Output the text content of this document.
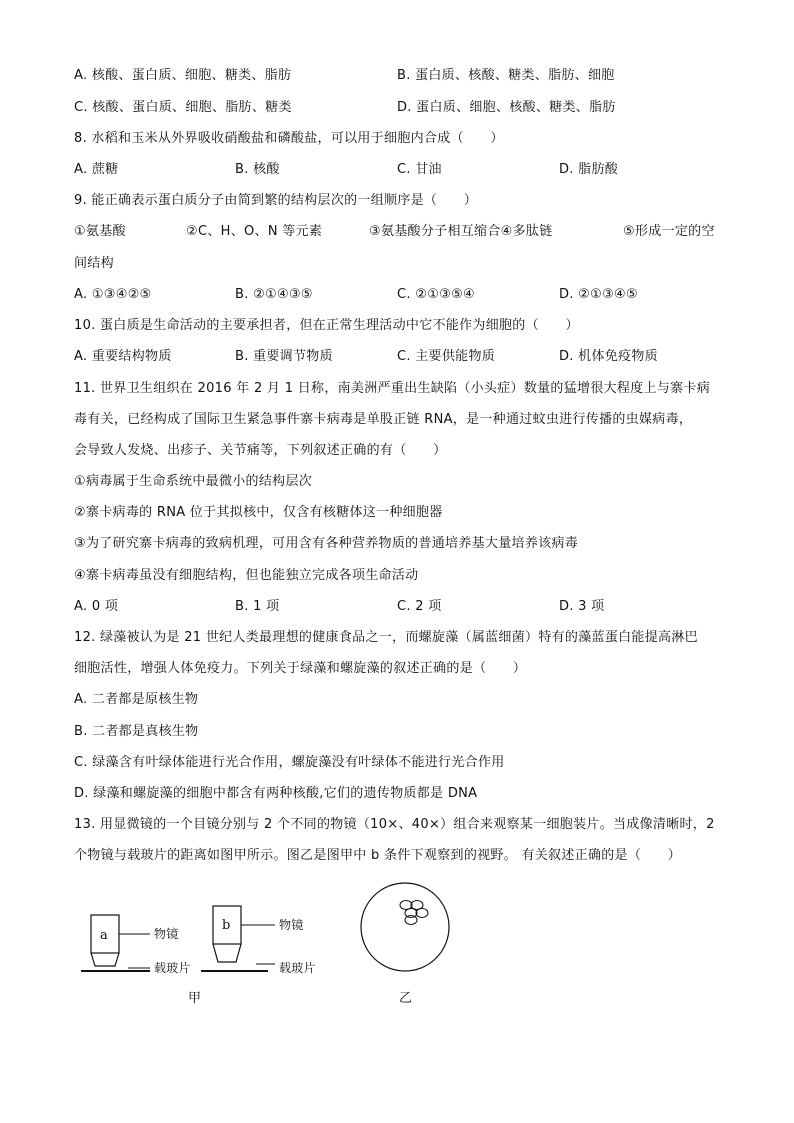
A. 核酸、蛋白质、细胞、糖类、脂肪	B. 蛋白质、核酸、糖类、脂肪、细胞
C. 核酸、蛋白质、细胞、脂肪、糖类	D. 蛋白质、细胞、核酸、糖类、脂肪
8. 水稻和玉米从外界吸收硝酸盐和磷酸盐，可以用于细胞内合成（　　）
A. 蔗糖	B. 核酸	C. 甘油	D. 脂肪酸
9. 能正确表示蛋白质分子由简到繁的结构层次的一组顺序是（　　）
①氨基酸	②C、H、O、N 等元素	③氨基酸分子相互缩合④多肽链	⑤形成一定的空
间结构
A. ①③④②⑤	B. ②①④③⑤	C. ②①③⑤④	D. ②①③④⑤
10. 蛋白质是生命活动的主要承担者，但在正常生理活动中它不能作为细胞的（　　）
A. 重要结构物质	B. 重要调节物质	C. 主要供能物质	D. 机体免疫物质
11. 世界卫生组织在 2016 年 2 月 1 日称，南美洲严重出生缺陷（小头症）数量的猛增很大程度上与寨卡病
毒有关，已经构成了国际卫生紧急事件寨卡病毒是单股正链 RNA，是一种通过蚊虫进行传播的虫媒病毒，
会导致人发烧、出疹子、关节痛等，下列叙述正确的有（　　）
①病毒属于生命系统中最微小的结构层次
②寨卡病毒的 RNA 位于其拟核中，仅含有核糖体这一种细胞器
③为了研究寨卡病毒的致病机理，可用含有各种营养物质的普通培养基大量培养该病毒
④寨卡病毒虽没有细胞结构，但也能独立完成各项生命活动
A. 0 项	B. 1 项	C. 2 项	D. 3 项
12. 绿藻被认为是 21 世纪人类最理想的健康食品之一，而螺旋藻（属蓝细菌）特有的藻蓝蛋白能提高淋巴
细胞活性，增强人体免疫力。下列关于绿藻和螺旋藻的叙述正确的是（　　）
A. 二者都是原核生物
B. 二者都是真核生物
C. 绿藻含有叶绿体能进行光合作用，螺旋藻没有叶绿体不能进行光合作用
D. 绿藻和螺旋藻的细胞中都含有两种核酸,它们的遗传物质都是 DNA
13. 用显微镜的一个目镜分别与 2 个不同的物镜（10×、40×）组合来观察某一细胞装片。当成像清晰时，2
个物镜与载玻片的距离如图甲所示。图乙是图甲中 b 条件下观察到的视野。 有关叙述正确的是（　　）
a
b
物镜
载玻片
物镜
载玻片
甲	乙
